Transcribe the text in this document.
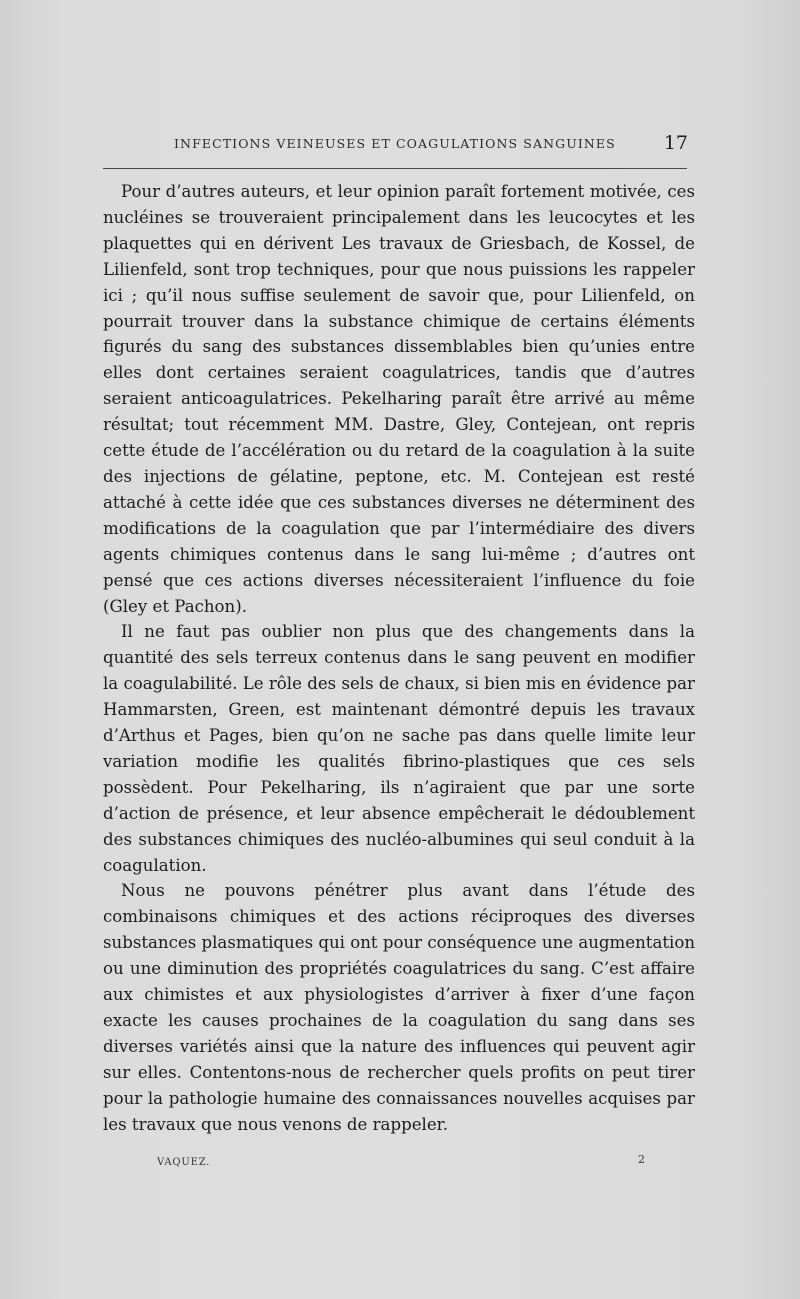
INFECTIONS VEINEUSES ET COAGULATIONS SANGUINES	17

Pour d’autres auteurs, et leur opinion paraît fortement motivée, ces nucléines se trouveraient principalement dans les leucocytes et les plaquettes qui en dérivent Les travaux de Griesbach, de Kossel, de Lilienfeld, sont trop techniques, pour que nous puissions les rappeler ici ; qu’il nous suffise seulement de savoir que, pour Lilienfeld, on pourrait trouver dans la substance chimique de certains éléments figurés du sang des substances dissemblables bien qu’unies entre elles dont certaines seraient coagulatrices, tandis que d’autres seraient anticoagulatrices. Pekelharing paraît être arrivé au même résultat; tout récemment MM. Dastre, Gley, Contejean, ont repris cette étude de l’accélération ou du retard de la coagulation à la suite des injections de gélatine, peptone, etc. M. Contejean est resté attaché à cette idée que ces substances diverses ne déterminent des modifications de la coagulation que par l’intermédiaire des divers agents chimiques contenus dans le sang lui-même ; d’autres ont pensé que ces actions diverses nécessiteraient l’influence du foie (Gley et Pachon).

Il ne faut pas oublier non plus que des changements dans la quantité des sels terreux contenus dans le sang peuvent en modifier la coagulabilité. Le rôle des sels de chaux, si bien mis en évidence par Hammarsten, Green, est maintenant démontré depuis les travaux d’Arthus et Pages, bien qu’on ne sache pas dans quelle limite leur variation modifie les qualités fibrino-plastiques que ces sels possèdent. Pour Pekelharing, ils n’agiraient que par une sorte d’action de présence, et leur absence empêcherait le dédoublement des substances chimiques des nucléo-albumines qui seul conduit à la coagulation.

Nous ne pouvons pénétrer plus avant dans l’étude des combinaisons chimiques et des actions réciproques des diverses substances plasmatiques qui ont pour conséquence une augmentation ou une diminution des propriétés coagulatrices du sang. C’est affaire aux chimistes et aux physiologistes d’arriver à fixer d’une façon exacte les causes prochaines de la coagulation du sang dans ses diverses variétés ainsi que la nature des influences qui peuvent agir sur elles. Contentons-nous de rechercher quels profits on peut tirer pour la pathologie humaine des connaissances nouvelles acquises par les travaux que nous venons de rappeler.

VAQUEZ.	2
